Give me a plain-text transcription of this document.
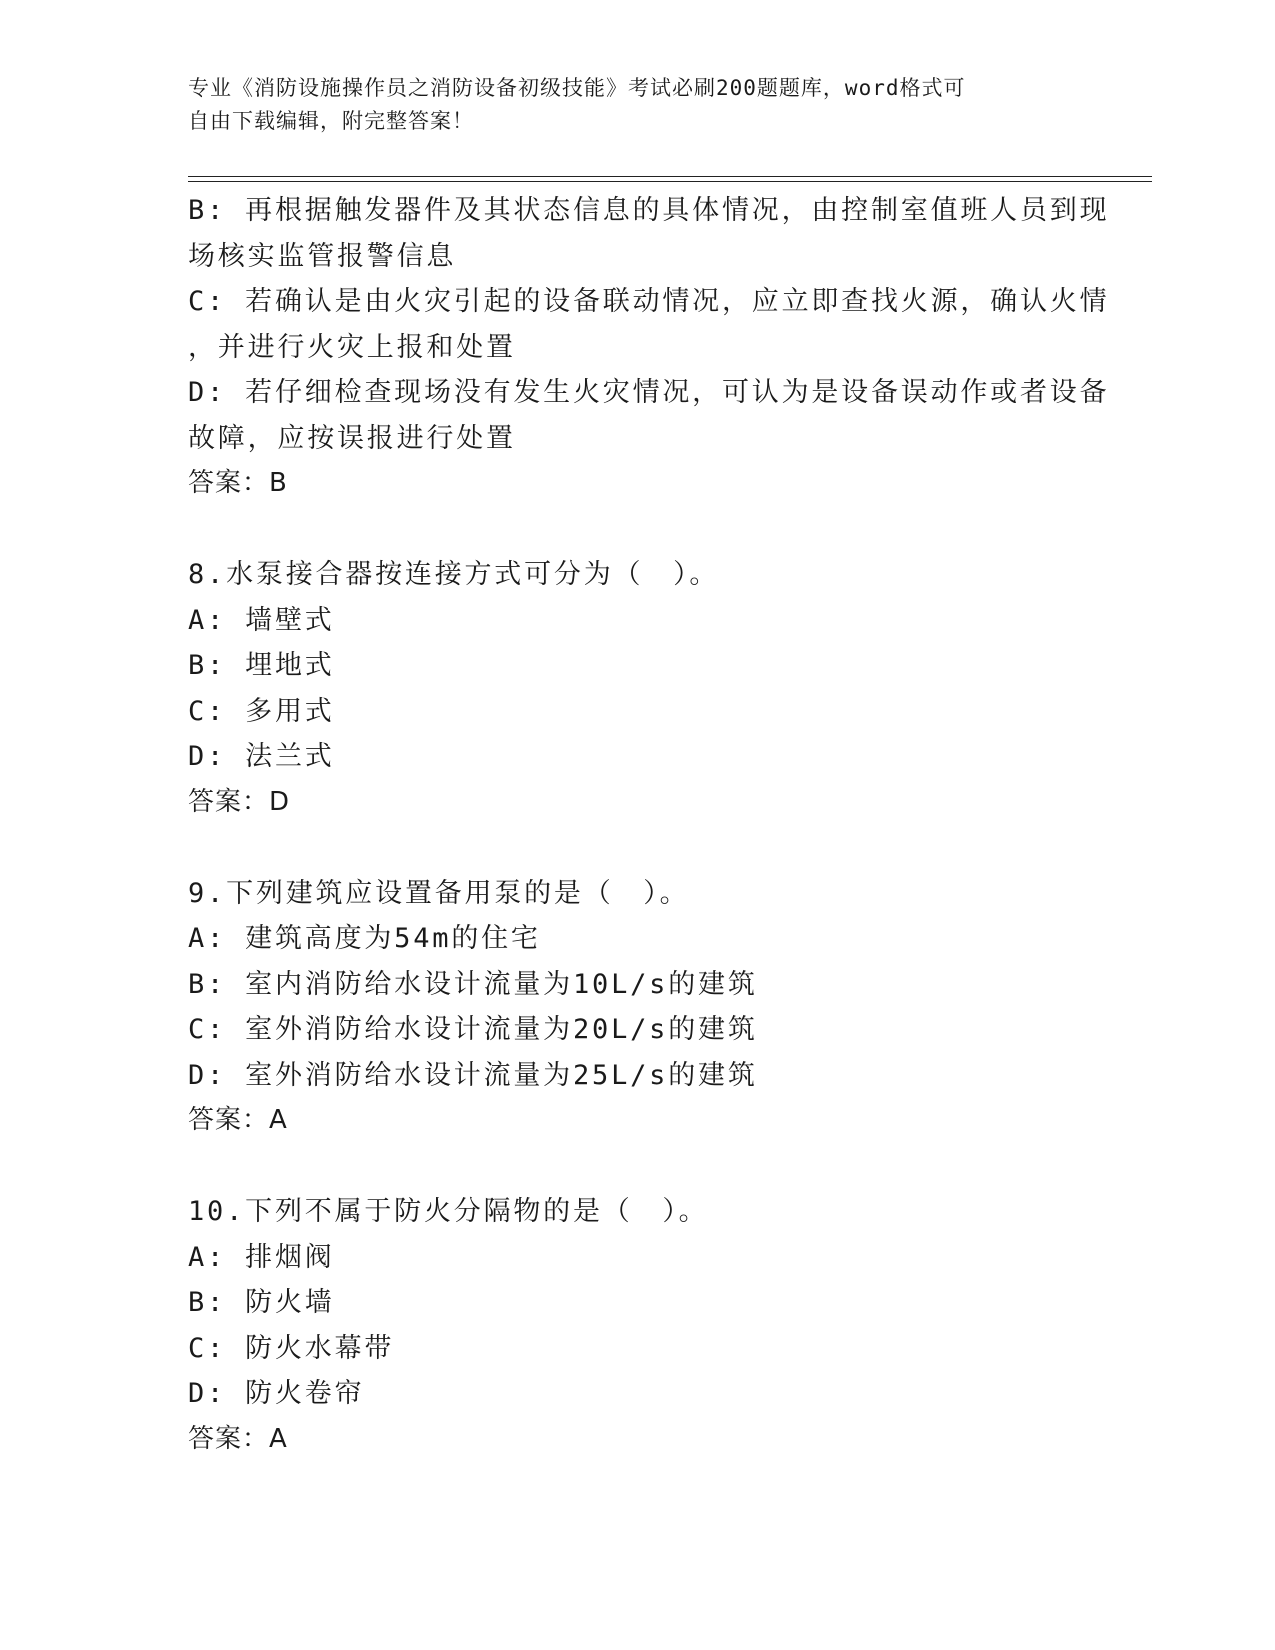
专业《消防设施操作员之消防设备初级技能》考试必刷200题题库，word格式可
自由下载编辑，附完整答案！
B: 再根据触发器件及其状态信息的具体情况，由控制室值班人员到现
场核实监管报警信息
C: 若确认是由火灾引起的设备联动情况，应立即查找火源，确认火情
，并进行火灾上报和处置
D: 若仔细检查现场没有发生火灾情况，可认为是设备误动作或者设备
故障，应按误报进行处置
答案：B
8.水泵接合器按连接方式可分为（　）。
A: 墙壁式
B: 埋地式
C: 多用式
D: 法兰式
答案：D
9.下列建筑应设置备用泵的是（　）。
A: 建筑高度为54m的住宅
B: 室内消防给水设计流量为10L/s的建筑
C: 室外消防给水设计流量为20L/s的建筑
D: 室外消防给水设计流量为25L/s的建筑
答案：A
10.下列不属于防火分隔物的是（　）。
A: 排烟阀
B: 防火墙
C: 防火水幕带
D: 防火卷帘
答案：A
